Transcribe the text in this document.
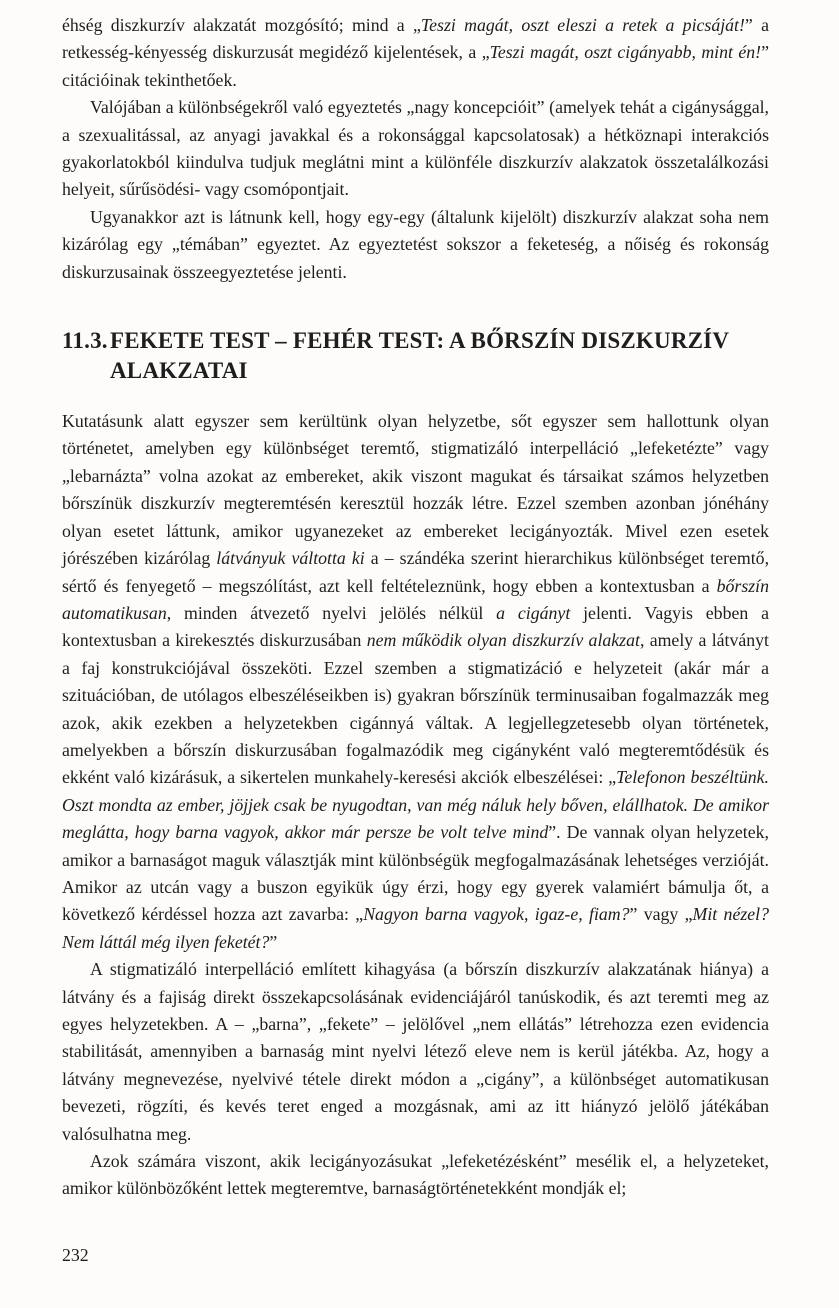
éhség diszkurzív alakzatát mozgósító; mind a „Teszi magát, oszt eleszi a retek a picsáját!” a retkesség-kényesség diskurzusát megidéző kijelentések, a „Teszi magát, oszt cigányabb, mint én!” citációinak tekinthetőek.

Valójában a különbségekről való egyeztetés „nagy koncepcióit” (amelyek tehát a cigánysággal, a szexualitással, az anyagi javakkal és a rokonsággal kapcsolatosak) a hétköznapi interakciós gyakorlatokból kiindulva tudjuk meglátni mint a különféle diszkurzív alakzatok összetalálkozási helyeit, sűrűsödési- vagy csomópontjait.

Ugyanakkor azt is látnunk kell, hogy egy-egy (általunk kijelölt) diszkurzív alakzat soha nem kizárólag egy „témában” egyeztet. Az egyeztetést sokszor a feketeség, a nőiség és rokonság diskurzusainak összeegyeztetése jelenti.

11.3.FEKETE TEST – FEHÉR TEST: A BŐRSZÍN DISZKURZÍV
ALAKZATAI

Kutatásunk alatt egyszer sem kerültünk olyan helyzetbe, sőt egyszer sem hallottunk olyan történetet, amelyben egy különbséget teremtő, stigmatizáló interpelláció „lefeketézte” vagy „lebarnázta” volna azokat az embereket, akik viszont magukat és társaikat számos helyzetben bőrszínük diszkurzív megteremtésén keresztül hozzák létre. Ezzel szemben azonban jónéhány olyan esetet láttunk, amikor ugyanezeket az embereket lecigányozták. Mivel ezen esetek jórészében kizárólag látványuk váltotta ki a – szándéka szerint hierarchikus különbséget teremtő, sértő és fenyegető – megszólítást, azt kell feltételeznünk, hogy ebben a kontextusban a bőrszín automatikusan, minden átvezető nyelvi jelölés nélkül a cigányt jelenti. Vagyis ebben a kontextusban a kirekesztés diskurzusában nem működik olyan diszkurzív alakzat, amely a látványt a faj konstrukciójával összeköti. Ezzel szemben a stigmatizáció e helyzeteit (akár már a szituációban, de utólagos elbeszéléseikben is) gyakran bőrszínük terminusaiban fogalmazzák meg azok, akik ezekben a helyzetekben cigánnyá váltak. A legjellegzetesebb olyan történetek, amelyekben a bőrszín diskurzusában fogalmazódik meg cigányként való megteremtődésük és ekként való kizárásuk, a sikertelen munkahely-keresési akciók elbeszélései: „Telefonon beszéltünk. Oszt mondta az ember, jöjjek csak be nyugodtan, van még náluk hely bőven, elállhatok. De amikor meglátta, hogy barna vagyok, akkor már persze be volt telve mind”. De vannak olyan helyzetek, amikor a barnaságot maguk választják mint különbségük megfogalmazásának lehetséges verzióját. Amikor az utcán vagy a buszon egyikük úgy érzi, hogy egy gyerek valamiért bámulja őt, a következő kérdéssel hozza azt zavarba: „Nagyon barna vagyok, igaz-e, fiam?” vagy „Mit nézel? Nem láttál még ilyen feketét?”

A stigmatizáló interpelláció említett kihagyása (a bőrszín diszkurzív alakzatának hiánya) a látvány és a fajiság direkt összekapcsolásának evidenciájáról tanúskodik, és azt teremti meg az egyes helyzetekben. A – „barna”, „fekete” – jelölővel „nem ellátás” létrehozza ezen evidencia stabilitását, amennyiben a barnaság mint nyelvi létező eleve nem is kerül játékba. Az, hogy a látvány megnevezése, nyelvivé tétele direkt módon a „cigány”, a különbséget automatikusan bevezeti, rögzíti, és kevés teret enged a mozgásnak, ami az itt hiányzó jelölő játékában valósulhatna meg.

Azok számára viszont, akik lecigányozásukat „lefeketézésként” mesélik el, a helyzeteket, amikor különbözőként lettek megteremtve, barnaságtörténetekként mondják el;

232
